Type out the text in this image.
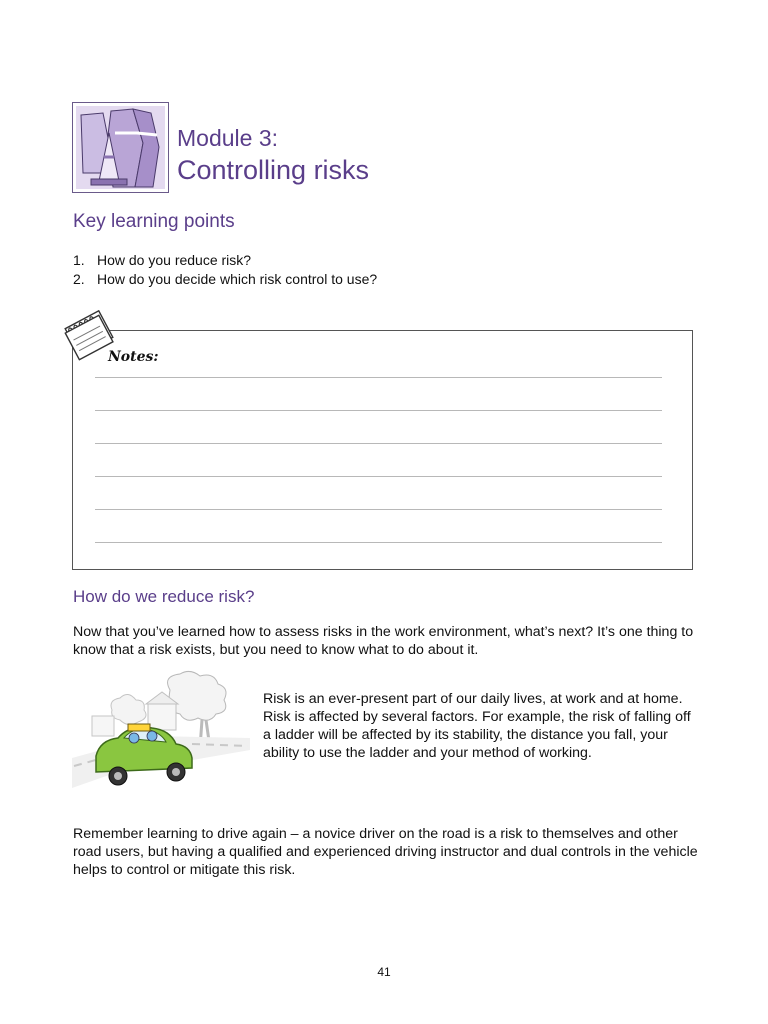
Module 3:
Controlling risks
Key learning points
1. How do you reduce risk?
2. How do you decide which risk control to use?
Notes:
How do we reduce risk?
Now that you’ve learned how to assess risks in the work environment, what’s next? It’s one thing to know that a risk exists, but you need to know what to do about it.
Risk is an ever-present part of our daily lives, at work and at home. Risk is affected by several factors. For example, the risk of falling off a ladder will be affected by its stability, the distance you fall, your ability to use the ladder and your method of working.
Remember learning to drive again – a novice driver on the road is a risk to themselves and other road users, but having a qualified and experienced driving instructor and dual controls in the vehicle helps to control or mitigate this risk.
41
